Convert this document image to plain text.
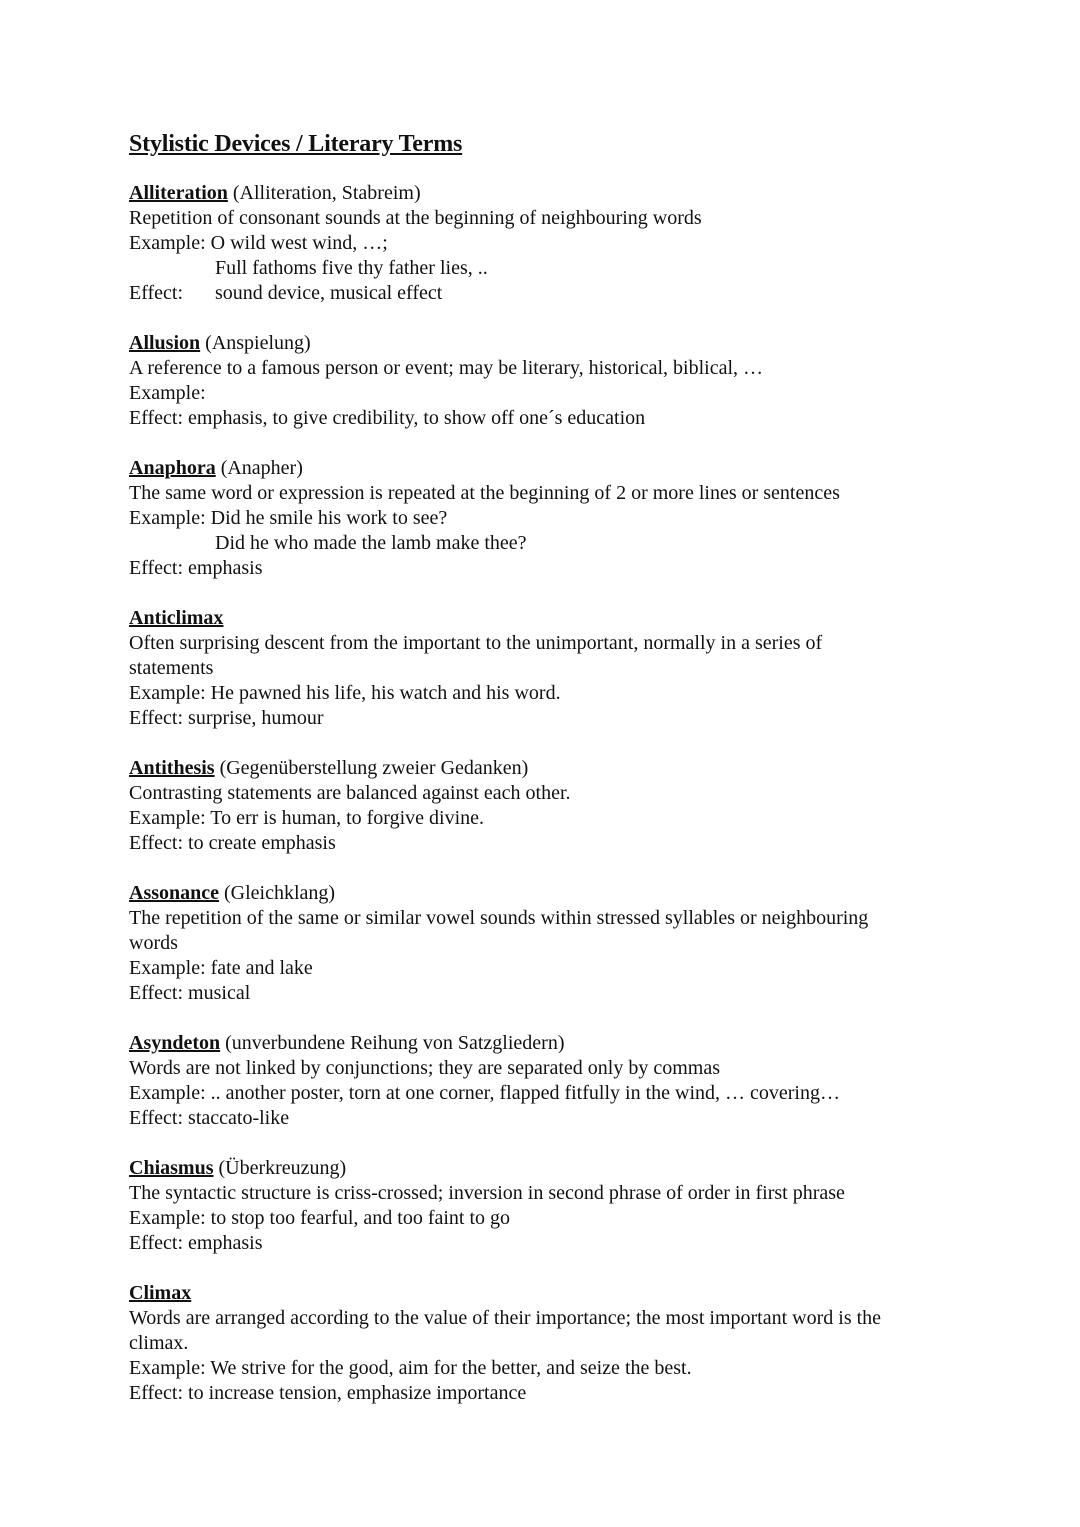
Stylistic Devices / Literary Terms
Alliteration (Alliteration, Stabreim)
Repetition of consonant sounds at the beginning of neighbouring words
Example: O wild west wind, …;
Full fathoms five thy father lies, ..
Effect: sound device, musical effect
Allusion (Anspielung)
A reference to a famous person or event; may be literary, historical, biblical, …
Example:
Effect: emphasis, to give credibility, to show off one´s education
Anaphora (Anapher)
The same word or expression is repeated at the beginning of 2 or more lines or sentences
Example: Did he smile his work to see?
Did he who made the lamb make thee?
Effect: emphasis
Anticlimax
Often surprising descent from the important to the unimportant, normally in a series of
statements
Example: He pawned his life, his watch and his word.
Effect: surprise, humour
Antithesis (Gegenüberstellung zweier Gedanken)
Contrasting statements are balanced against each other.
Example: To err is human, to forgive divine.
Effect: to create emphasis
Assonance (Gleichklang)
The repetition of the same or similar vowel sounds within stressed syllables or neighbouring
words
Example: fate and lake
Effect: musical
Asyndeton (unverbundene Reihung von Satzgliedern)
Words are not linked by conjunctions; they are separated only by commas
Example: .. another poster, torn at one corner, flapped fitfully in the wind, … covering…
Effect: staccato-like
Chiasmus (Überkreuzung)
The syntactic structure is criss-crossed; inversion in second phrase of order in first phrase
Example: to stop too fearful, and too faint to go
Effect: emphasis
Climax
Words are arranged according to the value of their importance; the most important word is the
climax.
Example: We strive for the good, aim for the better, and seize the best.
Effect: to increase tension, emphasize importance
